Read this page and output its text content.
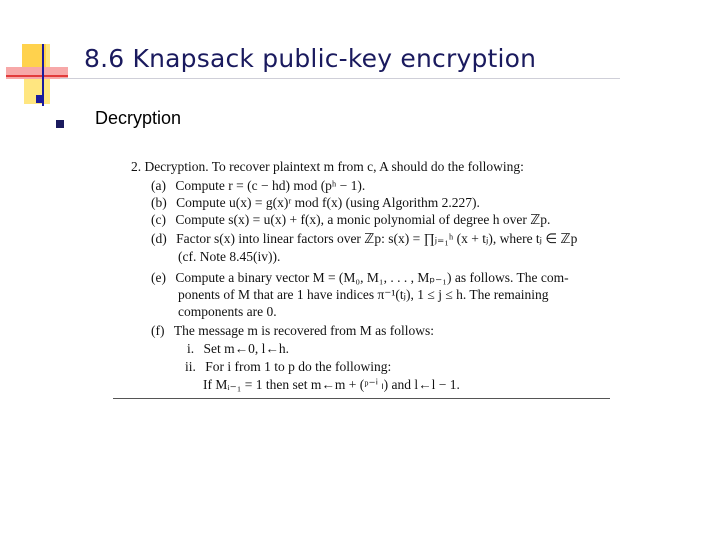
8.6 Knapsack public-key encryption
Decryption
2. Decryption. To recover plaintext m from c, A should do the following:
(a) Compute r = (c − hd) mod (pʰ − 1).
(b) Compute u(x) = g(x)ʳ mod f(x) (using Algorithm 2.227).
(c) Compute s(x) = u(x) + f(x), a monic polynomial of degree h over ℤp.
(d) Factor s(x) into linear factors over ℤp: s(x) = ∏ⱼ₌₁ʰ (x + tⱼ), where tⱼ ∈ ℤp
(cf. Note 8.45(iv)).
(e) Compute a binary vector M = (M₀, M₁, . . . , Mₚ₋₁) as follows. The com-
ponents of M that are 1 have indices π⁻¹(tⱼ), 1 ≤ j ≤ h. The remaining
components are 0.
(f) The message m is recovered from M as follows:
i. Set m←0, l←h.
ii. For i from 1 to p do the following:
If Mᵢ₋₁ = 1 then set m←m + (ᵖ⁻ⁱ ₗ) and l←l − 1.
